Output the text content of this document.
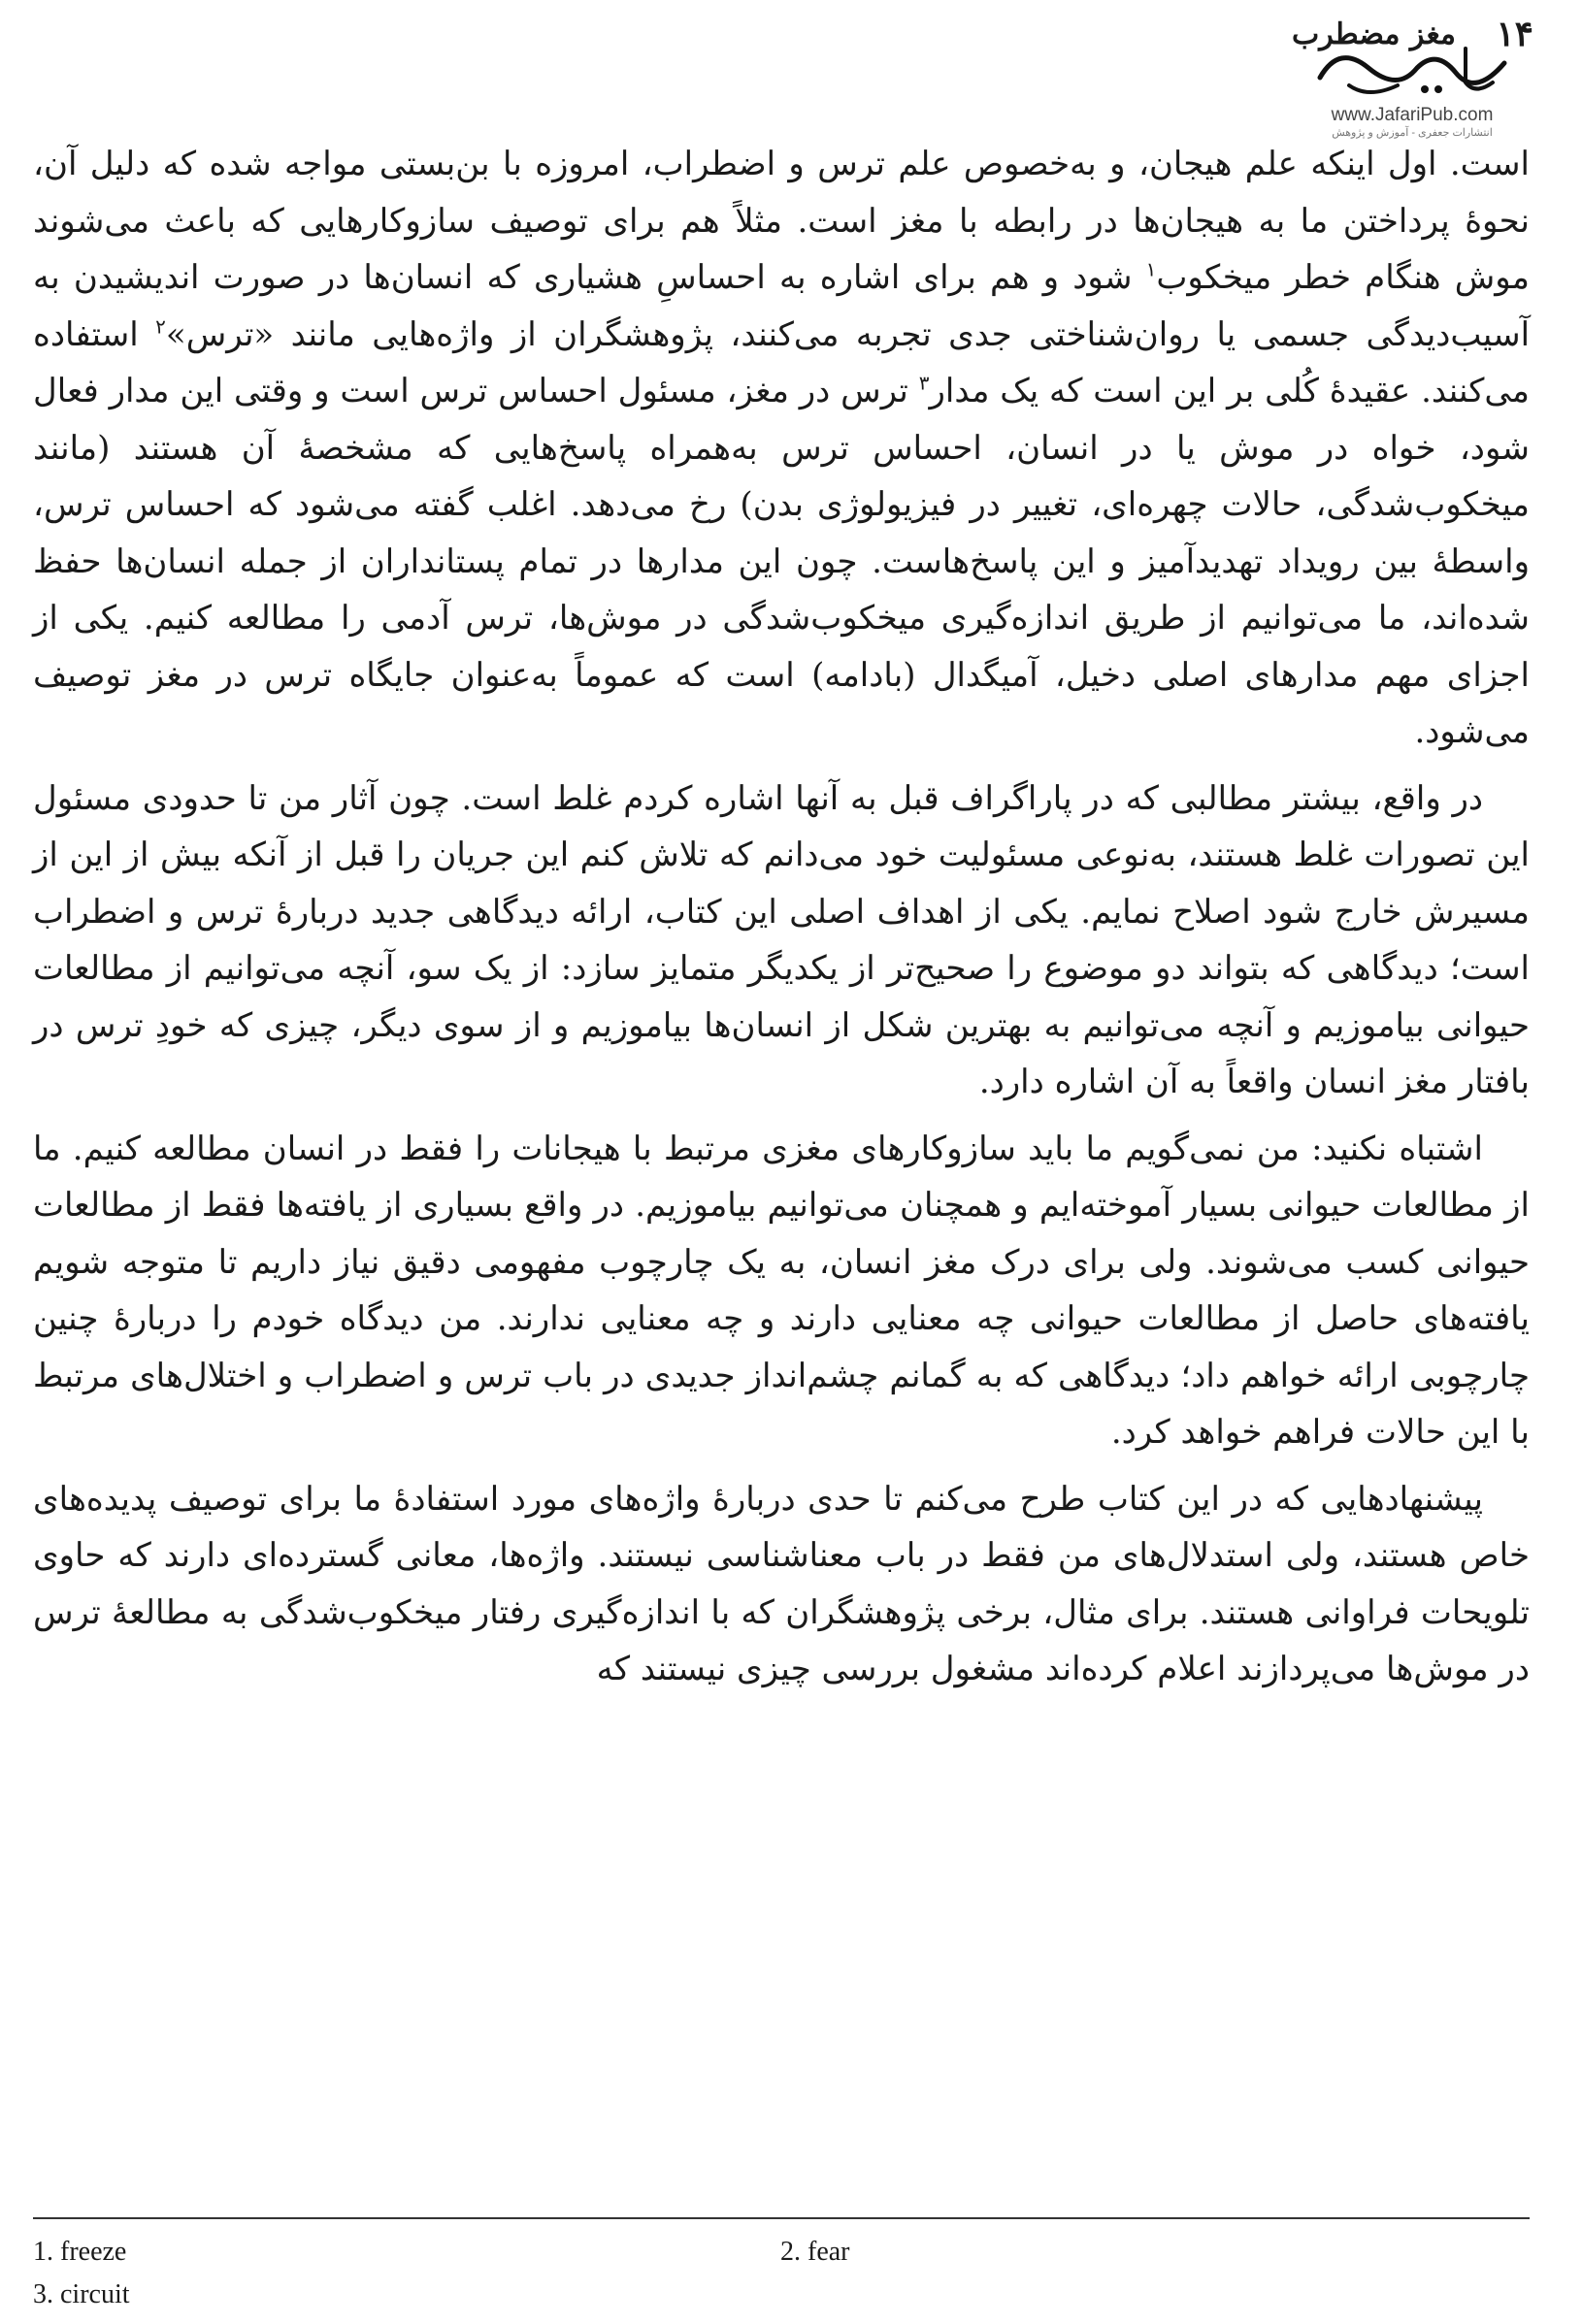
۱۴
مغز مضطرب
www.JafariPub.com
انتشارات جعفری - آموزش و پژوهش

است. اول اینکه علم هیجان، و به‌خصوص علم ترس و اضطراب، امروزه با بن‌بستی مواجه شده که دلیل آن، نحوهٔ پرداختن ما به هیجان‌ها در رابطه با مغز است. مثلاً هم برای توصیف سازوکارهایی که باعث می‌شوند موش هنگام خطر میخکوب$^۱$ شود و هم برای اشاره به احساسِ هشیاری که انسان‌ها در صورت اندیشیدن به آسیب‌دیدگی جسمی یا روان‌شناختی جدی تجربه می‌کنند، پژوهشگران از واژه‌هایی مانند «ترس»$^۲$ استفاده می‌کنند. عقیدهٔ کُلی بر این است که یک مدار$^۳$ ترس در مغز، مسئول احساس ترس است و وقتی این مدار فعال شود، خواه در موش یا در انسان، احساس ترس به‌همراه پاسخ‌هایی که مشخصهٔ آن هستند (مانند میخکوب‌شدگی، حالات چهره‌ای، تغییر در فیزیولوژی بدن) رخ می‌دهد. اغلب گفته می‌شود که احساس ترس، واسطهٔ بین رویداد تهدیدآمیز و این پاسخ‌هاست. چون این مدارها در تمام پستانداران از جمله انسان‌ها حفظ شده‌اند، ما می‌توانیم از طریق اندازه‌گیری میخکوب‌شدگی در موش‌ها، ترس آدمی را مطالعه کنیم. یکی از اجزای مهم مدارهای اصلی دخیل، آمیگدال (بادامه) است که عموماً به‌عنوان جایگاه ترس در مغز توصیف می‌شود.

در واقع، بیشتر مطالبی که در پاراگراف قبل به آنها اشاره کردم غلط است. چون آثار من تا حدودی مسئول این تصورات غلط هستند، به‌نوعی مسئولیت خود می‌دانم که تلاش کنم این جریان را قبل از آنکه بیش از این از مسیرش خارج شود اصلاح نمایم. یکی از اهداف اصلی این کتاب، ارائه دیدگاهی جدید دربارهٔ ترس و اضطراب است؛ دیدگاهی که بتواند دو موضوع را صحیح‌تر از یکدیگر متمایز سازد: از یک سو، آنچه می‌توانیم از مطالعات حیوانی بیاموزیم و آنچه می‌توانیم به بهترین شکل از انسان‌ها بیاموزیم و از سوی دیگر، چیزی که خودِ ترس در بافتار مغز انسان واقعاً به آن اشاره دارد.

اشتباه نکنید: من نمی‌گویم ما باید سازوکارهای مغزی مرتبط با هیجانات را فقط در انسان مطالعه کنیم. ما از مطالعات حیوانی بسیار آموخته‌ایم و همچنان می‌توانیم بیاموزیم. در واقع بسیاری از یافته‌ها فقط از مطالعات حیوانی کسب می‌شوند. ولی برای درک مغز انسان، به یک چارچوب مفهومی دقیق نیاز داریم تا متوجه شویم یافته‌های حاصل از مطالعات حیوانی چه معنایی دارند و چه معنایی ندارند. من دیدگاه خودم را دربارهٔ چنین چارچوبی ارائه خواهم داد؛ دیدگاهی که به گمانم چشم‌انداز جدیدی در باب ترس و اضطراب و اختلال‌های مرتبط با این حالات فراهم خواهد کرد.

پیشنهادهایی که در این کتاب طرح می‌کنم تا حدی دربارهٔ واژه‌های مورد استفادهٔ ما برای توصیف پدیده‌های خاص هستند، ولی استدلال‌های من فقط در باب معناشناسی نیستند. واژه‌ها، معانی گسترده‌ای دارند که حاوی تلویحات فراوانی هستند. برای مثال، برخی پژوهشگران که با اندازه‌گیری رفتار میخکوب‌شدگی به مطالعهٔ ترس در موش‌ها می‌پردازند اعلام کرده‌اند مشغول بررسی چیزی نیستند که

1. freeze	2. fear
3. circuit
